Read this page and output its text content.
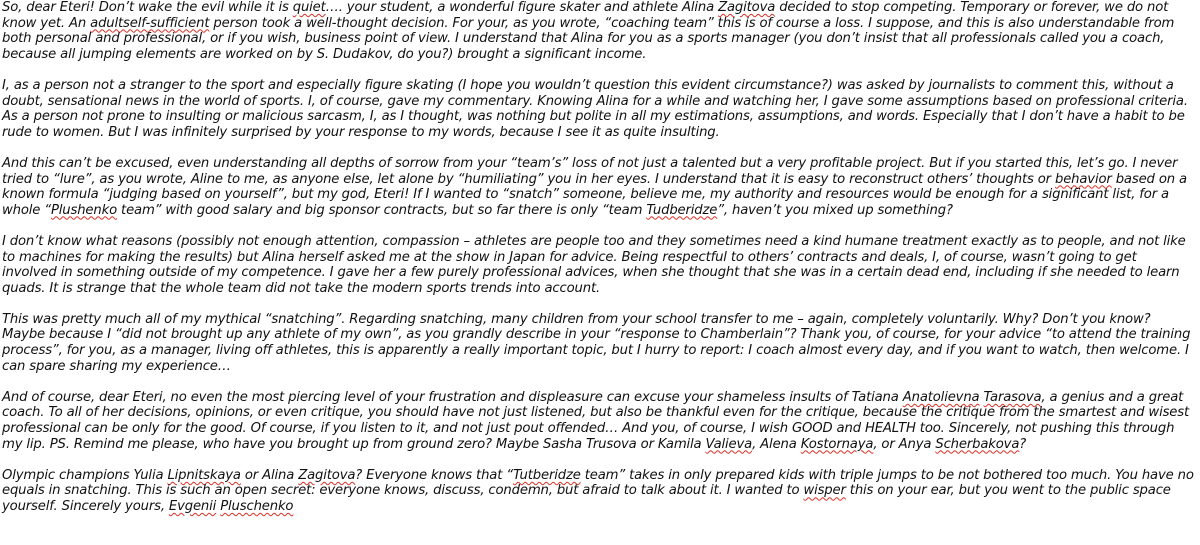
So, dear Eteri! Don’t wake the evil while it is quiet…. your student, a wonderful figure skater and athlete Alina Zagitova decided to stop competing. Temporary or forever, we do not know yet. An adultself-sufficient person took a well-thought decision. For your, as you wrote, “coaching team” this is of course a loss. I suppose, and this is also understandable from both personal and professional, or if you wish, business point of view. I understand that Alina for you as a sports manager (you don’t insist that all professionals called you a coach, because all jumping elements are worked on by S. Dudakov, do you?) brought a significant income.

I, as a person not a stranger to the sport and especially figure skating (I hope you wouldn’t question this evident circumstance?) was asked by journalists to comment this, without a doubt, sensational news in the world of sports. I, of course, gave my commentary. Knowing Alina for a while and watching her, I gave some assumptions based on professional criteria. As a person not prone to insulting or malicious sarcasm, I, as I thought, was nothing but polite in all my estimations, assumptions, and words. Especially that I don’t have a habit to be rude to women. But I was infinitely surprised by your response to my words, because I see it as quite insulting.

And this can’t be excused, even understanding all depths of sorrow from your “team’s” loss of not just a talented but a very profitable project. But if you started this, let’s go. I never tried to “lure”, as you wrote, Aline to me, as anyone else, let alone by “humiliating” you in her eyes. I understand that it is easy to reconstruct others’ thoughts or behavior based on a known formula “judging based on yourself”, but my god, Eteri! If I wanted to “snatch” someone, believe me, my authority and resources would be enough for a significant list, for a whole “Plushenko team” with good salary and big sponsor contracts, but so far there is only “team Tudberidze”, haven’t you mixed up something?

I don’t know what reasons (possibly not enough attention, compassion – athletes are people too and they sometimes need a kind humane treatment exactly as to people, and not like to machines for making the results) but Alina herself asked me at the show in Japan for advice. Being respectful to others’ contracts and deals, I, of course, wasn’t going to get involved in something outside of my competence. I gave her a few purely professional advices, when she thought that she was in a certain dead end, including if she needed to learn quads. It is strange that the whole team did not take the modern sports trends into account.

This was pretty much all of my mythical “snatching”. Regarding snatching, many children from your school transfer to me – again, completely voluntarily. Why? Don’t you know? Maybe because I “did not brought up any athlete of my own”, as you grandly describe in your “response to Chamberlain”? Thank you, of course, for your advice “to attend the training process”, for you, as a manager, living off athletes, this is apparently a really important topic, but I hurry to report: I coach almost every day, and if you want to watch, then welcome. I can spare sharing my experience…

And of course, dear Eteri, no even the most piercing level of your frustration and displeasure can excuse your shameless insults of Tatiana Anatolievna Tarasova, a genius and a great coach. To all of her decisions, opinions, or even critique, you should have not just listened, but also be thankful even for the critique, because the critique from the smartest and wisest professional can be only for the good. Of course, if you listen to it, and not just pout offended… And you, of course, I wish GOOD and HEALTH too. Sincerely, not pushing this through my lip. PS. Remind me please, who have you brought up from ground zero? Maybe Sasha Trusova or Kamila Valieva, Alena Kostornaya, or Anya Scherbakova?

Olympic champions Yulia Lipnitskaya or Alina Zagitova? Everyone knows that “Tutberidze team” takes in only prepared kids with triple jumps to be not bothered too much. You have no equals in snatching. This is such an open secret: everyone knows, discuss, condemn, but afraid to talk about it. I wanted to wisper this on your ear, but you went to the public space yourself. Sincerely yours, Evgenii Pluschenko
